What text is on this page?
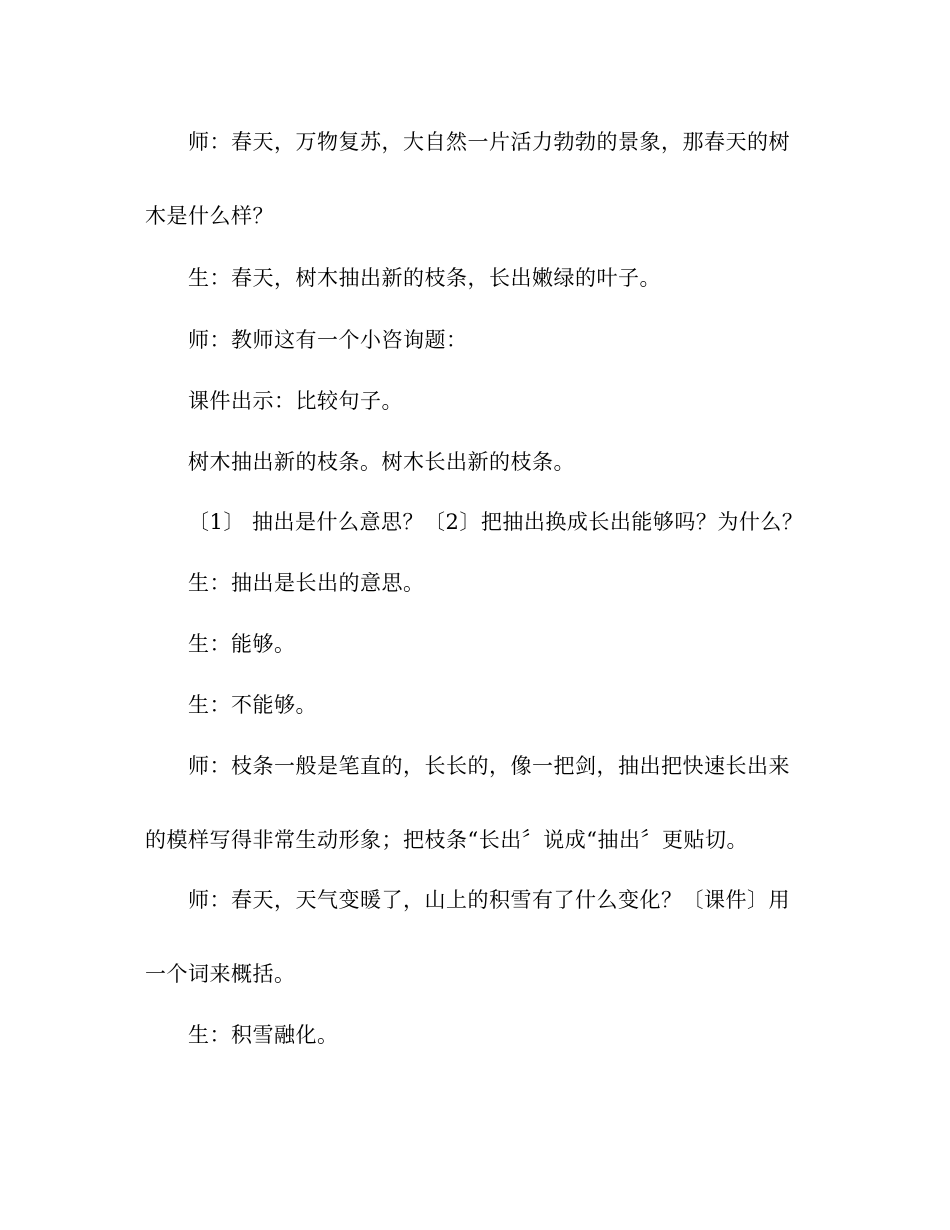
师：春天，万物复苏，大自然一片活力勃勃的景象，那春天的树
木是什么样？
生：春天，树木抽出新的枝条，长出嫩绿的叶子。
师：教师这有一个小咨询题：
课件出示：比较句子。
树木抽出新的枝条。树木长出新的枝条。
〔1〕 抽出是什么意思？〔2〕把抽出换成长出能够吗？为什么？
生：抽出是长出的意思。
生：能够。
生：不能够。
师：枝条一般是笔直的，长长的，像一把剑，抽出把快速长出来
的模样写得非常生动形象；把枝条“长出〞说成“抽出〞更贴切。
师：春天，天气变暖了，山上的积雪有了什么变化？〔课件〕用
一个词来概括。
生：积雪融化。
